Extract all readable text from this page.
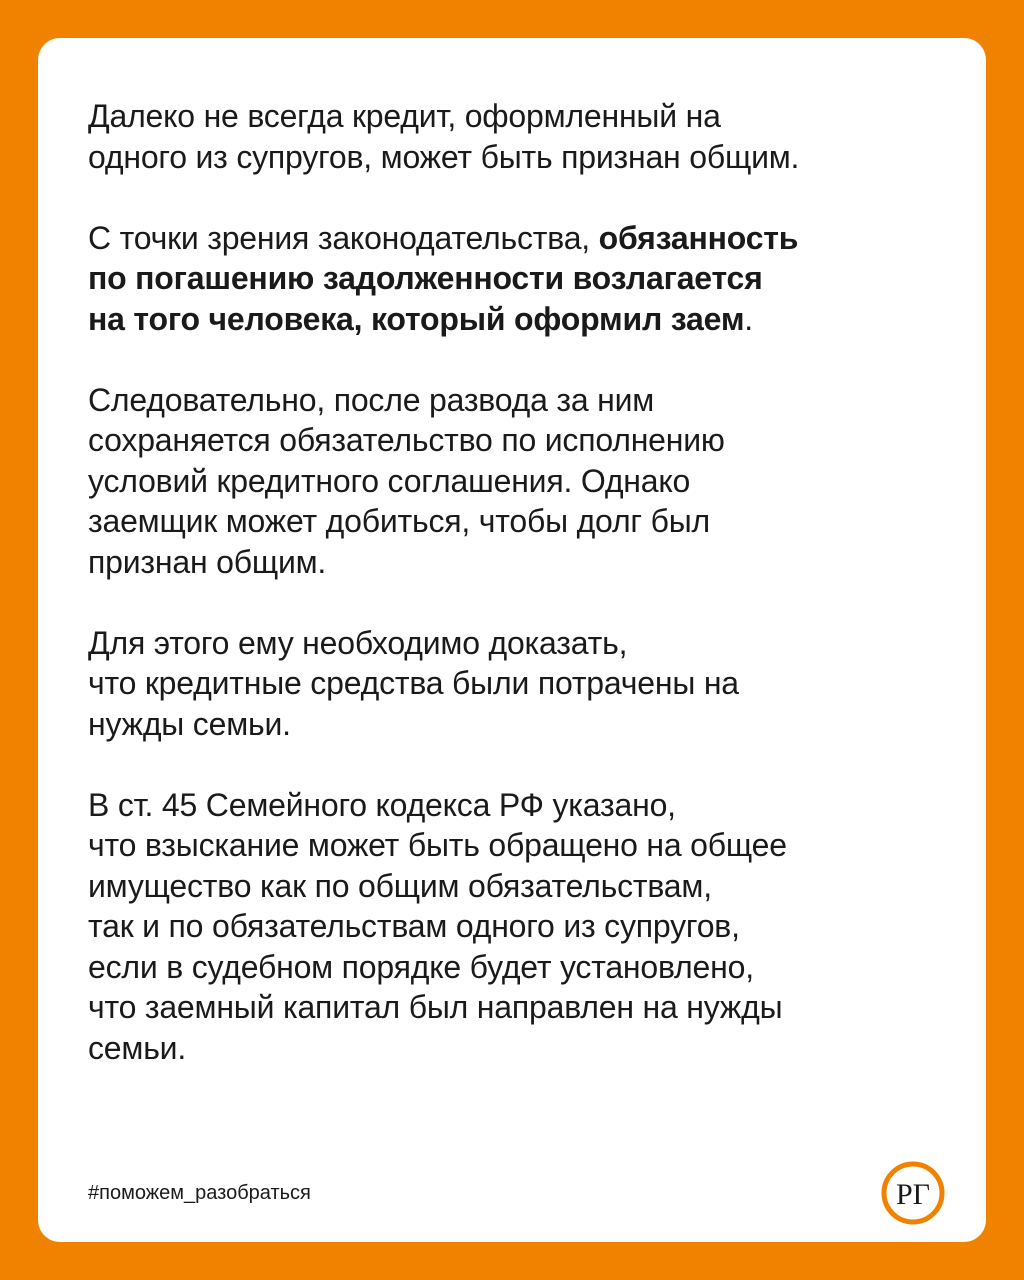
Далеко не всегда кредит, оформленный на
одного из супругов, может быть признан общим.

С точки зрения законодательства, обязанность
по погашению задолженности возлагается
на того человека, который оформил заем.

Следовательно, после развода за ним
сохраняется обязательство по исполнению
условий кредитного соглашения. Однако
заемщик может добиться, чтобы долг был
признан общим.

Для этого ему необходимо доказать,
что кредитные средства были потрачены на
нужды семьи.

В ст. 45 Семейного кодекса РФ указано,
что взыскание может быть обращено на общее
имущество как по общим обязательствам,
так и по обязательствам одного из супругов,
если в судебном порядке будет установлено,
что заемный капитал был направлен на нужды
семьи.

#поможем_разобраться	РГ
